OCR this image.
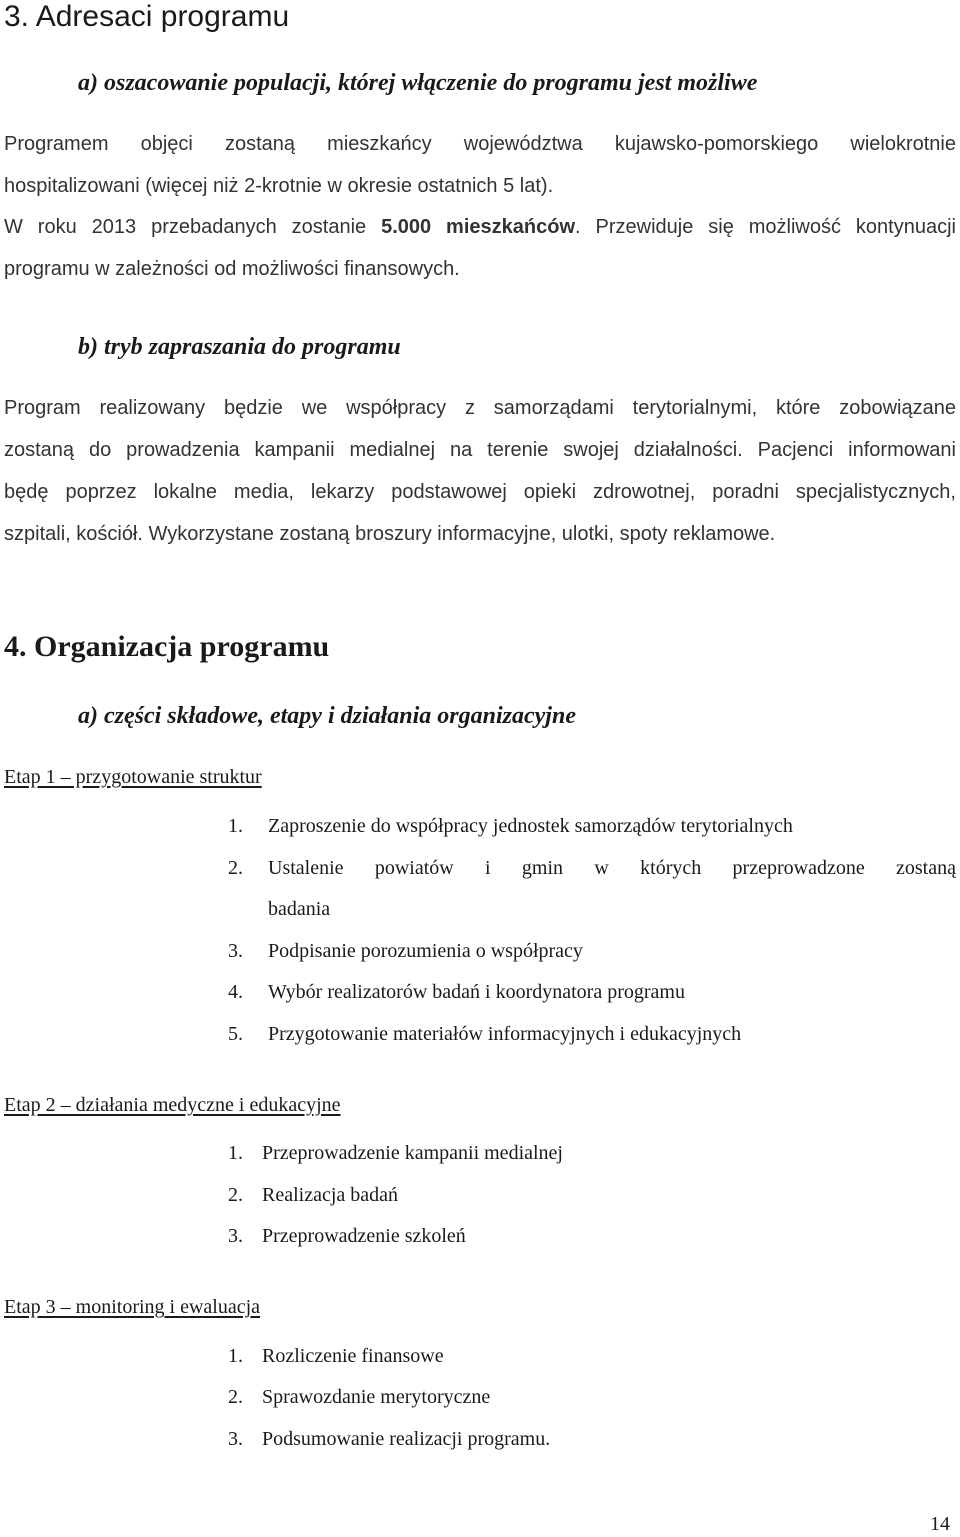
3. Adresaci programu
a) oszacowanie populacji, której włączenie do programu jest możliwe
Programem objęci zostaną mieszkańcy województwa kujawsko-pomorskiego wielokrotnie
hospitalizowani (więcej niż 2-krotnie w okresie ostatnich 5 lat).
W roku 2013 przebadanych zostanie 5.000 mieszkańców. Przewiduje się możliwość kontynuacji
programu w zależności od możliwości finansowych.
b) tryb zapraszania do programu
Program realizowany będzie we współpracy z samorządami terytorialnymi, które zobowiązane
zostaną do prowadzenia kampanii medialnej na terenie swojej działalności. Pacjenci informowani
będę poprzez lokalne media, lekarzy podstawowej opieki zdrowotnej, poradni specjalistycznych,
szpitali, kościół. Wykorzystane zostaną broszury informacyjne, ulotki, spoty reklamowe.
4. Organizacja programu
a) części składowe, etapy i działania organizacyjne
Etap 1 – przygotowanie struktur
1. Zaproszenie do współpracy jednostek samorządów terytorialnych
2. Ustalenie powiatów i gmin w których przeprowadzone zostaną
badania
3. Podpisanie porozumienia o współpracy
4. Wybór realizatorów badań i koordynatora programu
5. Przygotowanie materiałów informacyjnych i edukacyjnych
Etap 2 – działania medyczne i edukacyjne
1. Przeprowadzenie kampanii medialnej
2. Realizacja badań
3. Przeprowadzenie szkoleń
Etap 3 – monitoring i ewaluacja
1. Rozliczenie finansowe
2. Sprawozdanie merytoryczne
3. Podsumowanie realizacji programu.
14
